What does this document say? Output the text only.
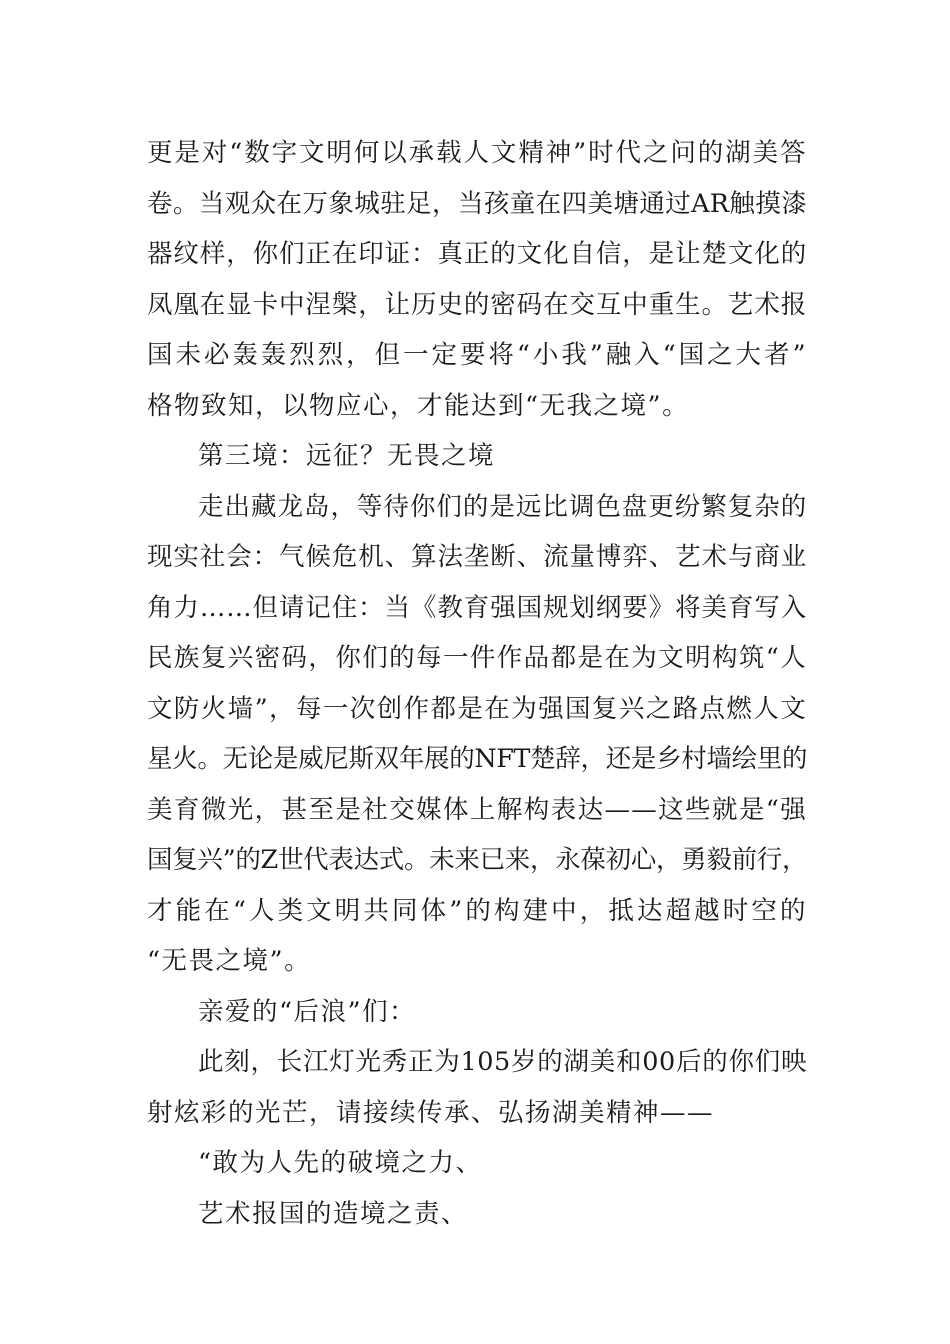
更是对“数字文明何以承载人文精神”时代之问的湖美答
卷。当观众在万象城驻足，当孩童在四美塘通过AR触摸漆
器纹样，你们正在印证：真正的文化自信，是让楚文化的
凤凰在显卡中涅槃，让历史的密码在交互中重生。艺术报
国未必轰轰烈烈，但一定要将“小我”融入“国之大者”
格物致知，以物应心，才能达到“无我之境”。
第三境：远征？无畏之境
走出藏龙岛，等待你们的是远比调色盘更纷繁复杂的
现实社会：气候危机、算法垄断、流量博弈、艺术与商业
角力……但请记住：当《教育强国规划纲要》将美育写入
民族复兴密码，你们的每一件作品都是在为文明构筑“人
文防火墙”，每一次创作都是在为强国复兴之路点燃人文
星火。无论是威尼斯双年展的NFT楚辞，还是乡村墙绘里的
美育微光，甚至是社交媒体上解构表达——这些就是“强
国复兴”的Z世代表达式。未来已来，永葆初心，勇毅前行，
才能在“人类文明共同体”的构建中，抵达超越时空的
“无畏之境”。
亲爱的“后浪”们：
此刻，长江灯光秀正为105岁的湖美和00后的你们映
射炫彩的光芒，请接续传承、弘扬湖美精神——
“敢为人先的破境之力、
艺术报国的造境之责、
